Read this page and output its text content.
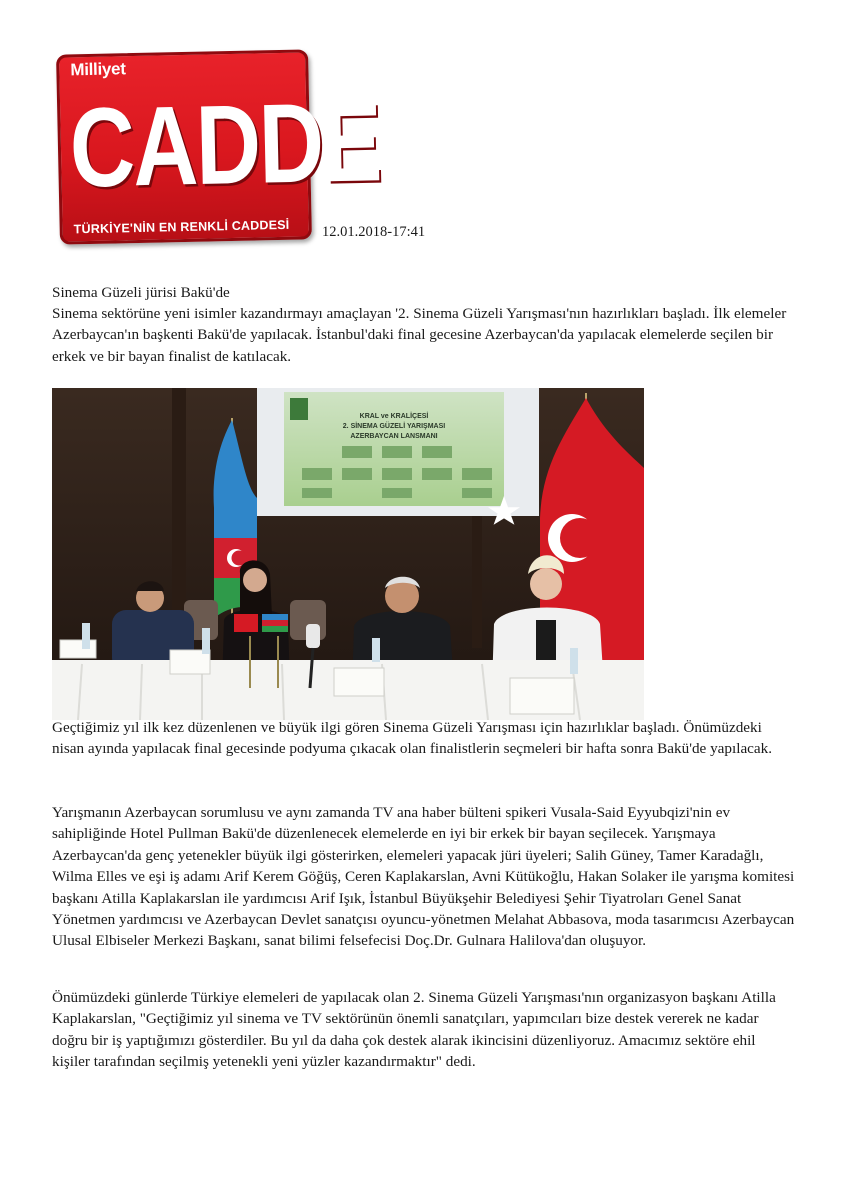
Milliyet
CADDE
TÜRKİYE'NİN EN RENKLİ CADDESİ	12.01.2018-17:41

Sinema Güzeli jürisi Bakü'de

Sinema sektörüne yeni isimler kazandırmayı amaçlayan '2. Sinema Güzeli Yarışması'nın hazırlıkları başladı. İlk elemeler Azerbaycan'ın başkenti Bakü'de yapılacak. İstanbul'daki final gecesine Azerbaycan'da yapılacak elemelerde seçilen bir erkek ve bir bayan finalist de katılacak.

KRAL ve KRALİÇESİ
2. SİNEMA GÜZELİ YARIŞMASI
AZERBAYCAN LANSMANI

Geçtiğimiz yıl ilk kez düzenlenen ve büyük ilgi gören Sinema Güzeli Yarışması için hazırlıklar başladı. Önümüzdeki nisan ayında yapılacak final gecesinde podyuma çıkacak olan finalistlerin seçmeleri bir hafta sonra Bakü'de yapılacak.

Yarışmanın Azerbaycan sorumlusu ve aynı zamanda TV ana haber bülteni spikeri Vusala-Said Eyyubqizi'nin ev sahipliğinde Hotel Pullman Bakü'de düzenlenecek elemelerde en iyi bir erkek bir bayan seçilecek. Yarışmaya Azerbaycan'da genç yetenekler büyük ilgi gösterirken, elemeleri yapacak jüri üyeleri; Salih Güney, Tamer Karadağlı, Wilma Elles ve eşi iş adamı Arif Kerem Göğüş, Ceren Kaplakarslan, Avni Kütükoğlu, Hakan Solaker ile yarışma komitesi başkanı Atilla Kaplakarslan ile yardımcısı Arif Işık, İstanbul Büyükşehir Belediyesi Şehir Tiyatroları Genel Sanat Yönetmen yardımcısı ve Azerbaycan Devlet sanatçısı oyuncu-yönetmen Melahat Abbasova, moda tasarımcısı Azerbaycan Ulusal Elbiseler Merkezi Başkanı, sanat bilimi felsefecisi Doç.Dr. Gulnara Halilova'dan oluşuyor.

Önümüzdeki günlerde Türkiye elemeleri de yapılacak olan 2. Sinema Güzeli Yarışması'nın organizasyon başkanı Atilla Kaplakarslan, "Geçtiğimiz yıl sinema ve TV sektörünün önemli sanatçıları, yapımcıları bize destek vererek ne kadar doğru bir iş yaptığımızı gösterdiler. Bu yıl da daha çok destek alarak ikincisini düzenliyoruz. Amacımız sektöre ehil kişiler tarafından seçilmiş yetenekli yeni yüzler kazandırmaktır" dedi.
